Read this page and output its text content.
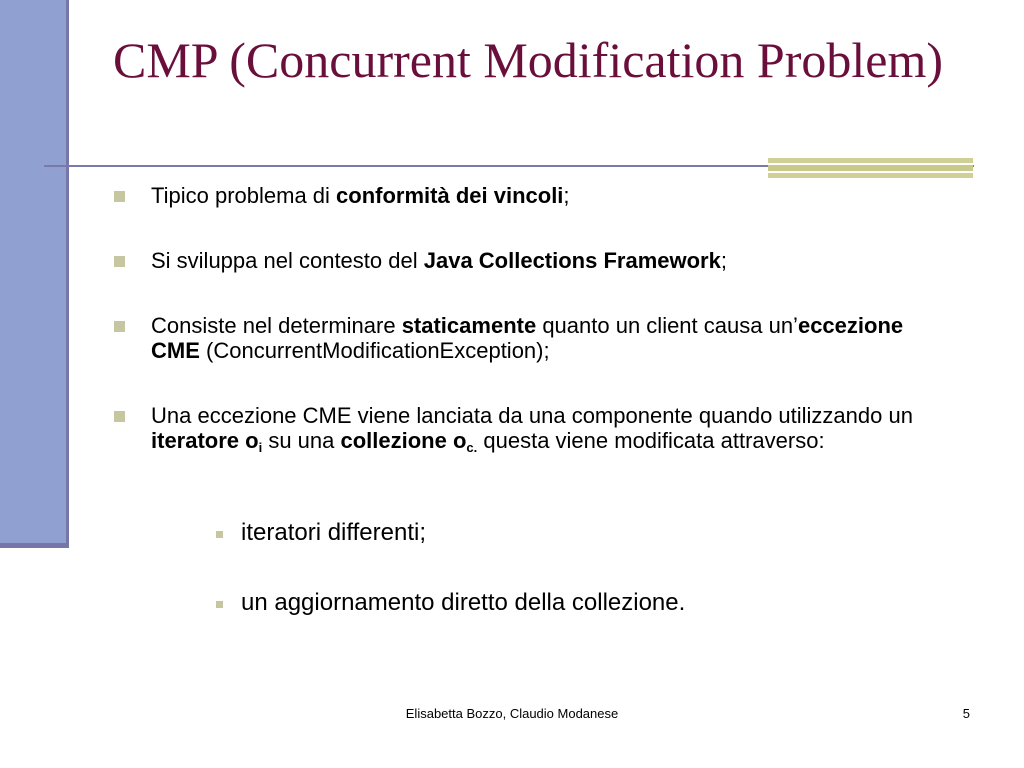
CMP (Concurrent Modification Problem)
Tipico problema di conformità dei vincoli;
Si sviluppa nel contesto del Java Collections Framework;
Consiste nel determinare staticamente quanto un client causa un’eccezione CME (ConcurrentModificationException);
Una eccezione CME viene lanciata da una componente quando utilizzando un iteratore $o_i$ su una collezione $o_{c.}$ questa viene modificata attraverso:
iteratori differenti;
un aggiornamento diretto della collezione.
Elisabetta Bozzo, Claudio Modanese	5
